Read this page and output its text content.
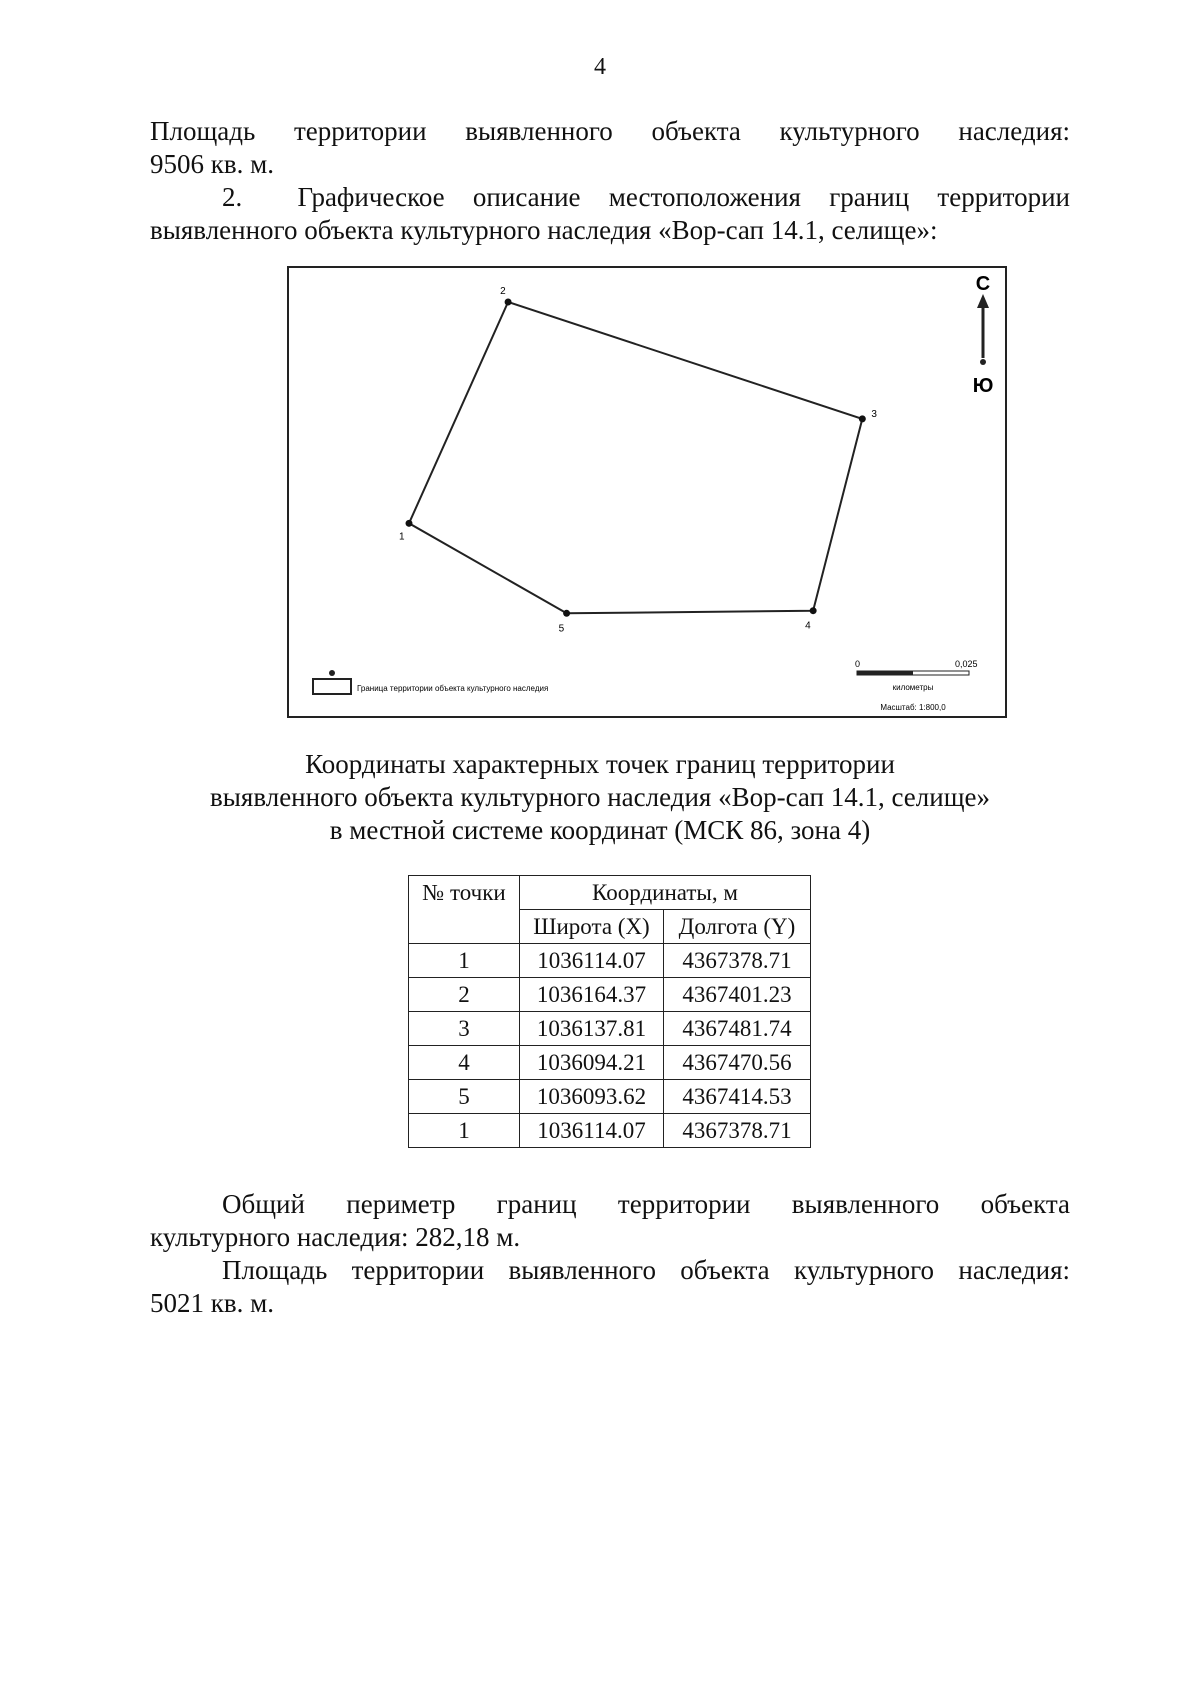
4
Площадь территории выявленного объекта культурного наследия:
9506 кв. м.
2.  Графическое описание местоположения границ территории
выявленного объекта культурного наследия «Вор-сап 14.1, селище»:
1
2
3
4
5
С
Ю
Граница территории объекта культурного наследия
0	0,025
километры
Масштаб: 1:800,0
Координаты характерных точек границ территории
выявленного объекта культурного наследия «Вор-сап 14.1, селище»
в местной системе координат (МСК 86, зона 4)
№ точки	Координаты, м	
	Широта (X)	Долгота (Y)
1	1036114.07	4367378.71
2	1036164.37	4367401.23
3	1036137.81	4367481.74
4	1036094.21	4367470.56
5	1036093.62	4367414.53
1	1036114.07	4367378.71
Общий периметр границ территории выявленного объекта
культурного наследия: 282,18 м.
Площадь территории выявленного объекта культурного наследия:
5021 кв. м.
